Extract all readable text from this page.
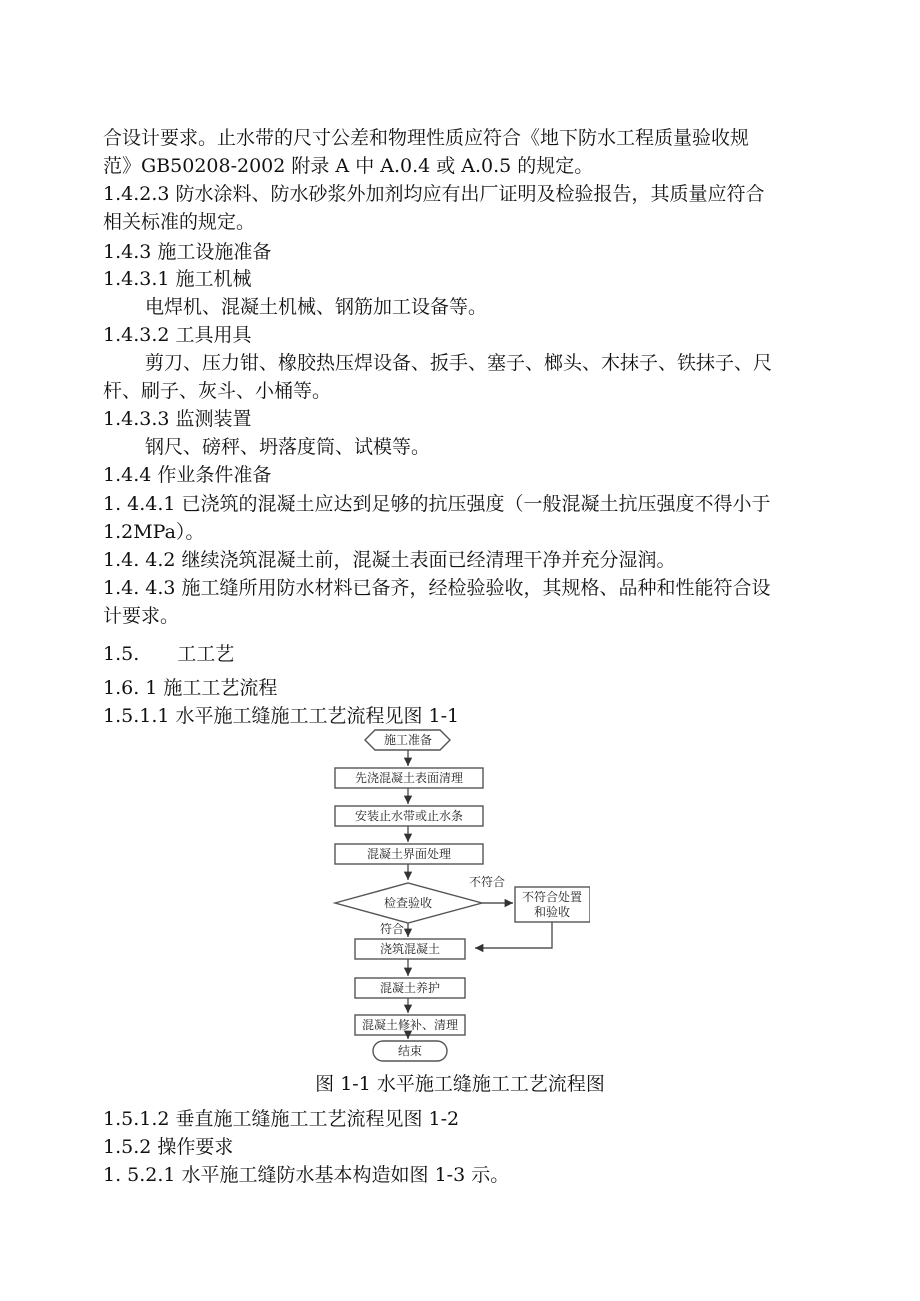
合设计要求。止水带的尺寸公差和物理性质应符合《地下防水工程质量验收规
范》GB50208-2002 附录 A 中 A.0.4 或 A.0.5 的规定。
1.4.2.3 防水涂料、防水砂浆外加剂均应有出厂证明及检验报告，其质量应符合
相关标准的规定。
1.4.3 施工设施准备
1.4.3.1 施工机械
电焊机、混凝土机械、钢筋加工设备等。
1.4.3.2 工具用具
剪刀、压力钳、橡胶热压焊设备、扳手、塞子、榔头、木抹子、铁抹子、尺
杆、刷子、灰斗、小桶等。
1.4.3.3 监测装置
钢尺、磅秤、坍落度筒、试模等。
1.4.4 作业条件准备
1. 4.4.1 已浇筑的混凝土应达到足够的抗压强度（一般混凝土抗压强度不得小于
1.2MPa）。
1.4. 4.2 继续浇筑混凝土前，混凝土表面已经清理干净并充分湿润。
1.4. 4.3 施工缝所用防水材料已备齐，经检验验收，其规格、品种和性能符合设
计要求。
1.5.　　工工艺
1.6. 1 施工工艺流程
1.5.1.1 水平施工缝施工工艺流程见图 1-1
施工准备
先浇混凝土表面清理
安装止水带或止水条
混凝土界面处理
检查验收
不符合
不符合处置
和验收
符合
浇筑混凝土
混凝土养护
混凝土修补、清理
结束
图 1-1 水平施工缝施工工艺流程图
1.5.1.2 垂直施工缝施工工艺流程见图 1-2
1.5.2 操作要求
1. 5.2.1 水平施工缝防水基本构造如图 1-3 示。
